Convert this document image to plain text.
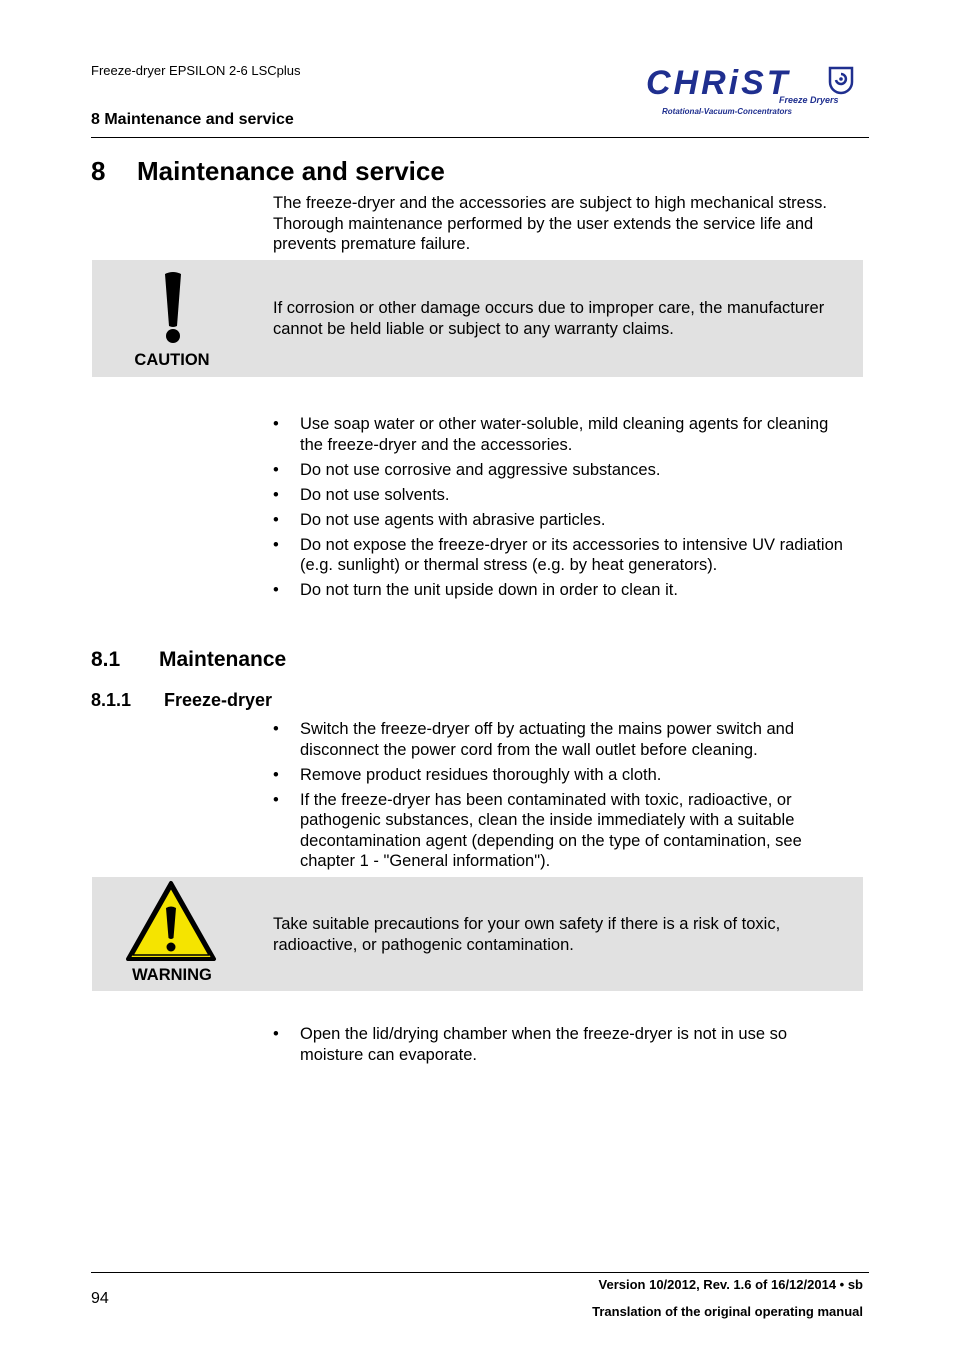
Freeze-dryer EPSILON 2-6 LSCplus
8 Maintenance and service
CHRiST
Freeze Dryers
Rotational-Vacuum-Concentrators
8 Maintenance and service
The freeze-dryer and the accessories are subject to high mechanical stress. Thorough maintenance performed by the user extends the service life and prevents premature failure.
CAUTION
If corrosion or other damage occurs due to improper care, the manufacturer cannot be held liable or subject to any warranty claims.
• Use soap water or other water-soluble, mild cleaning agents for cleaning the freeze-dryer and the accessories.
• Do not use corrosive and aggressive substances.
• Do not use solvents.
• Do not use agents with abrasive particles.
• Do not expose the freeze-dryer or its accessories to intensive UV radiation (e.g. sunlight) or thermal stress (e.g. by heat generators).
• Do not turn the unit upside down in order to clean it.
8.1 Maintenance
8.1.1 Freeze-dryer
• Switch the freeze-dryer off by actuating the mains power switch and disconnect the power cord from the wall outlet before cleaning.
• Remove product residues thoroughly with a cloth.
• If the freeze-dryer has been contaminated with toxic, radioactive, or pathogenic substances, clean the inside immediately with a suitable decontamination agent (depending on the type of contamination, see chapter 1 - "General information").
WARNING
Take suitable precautions for your own safety if there is a risk of toxic, radioactive, or pathogenic contamination.
• Open the lid/drying chamber when the freeze-dryer is not in use so moisture can evaporate.
94
Version 10/2012, Rev. 1.6 of 16/12/2014 • sb
Translation of the original operating manual
